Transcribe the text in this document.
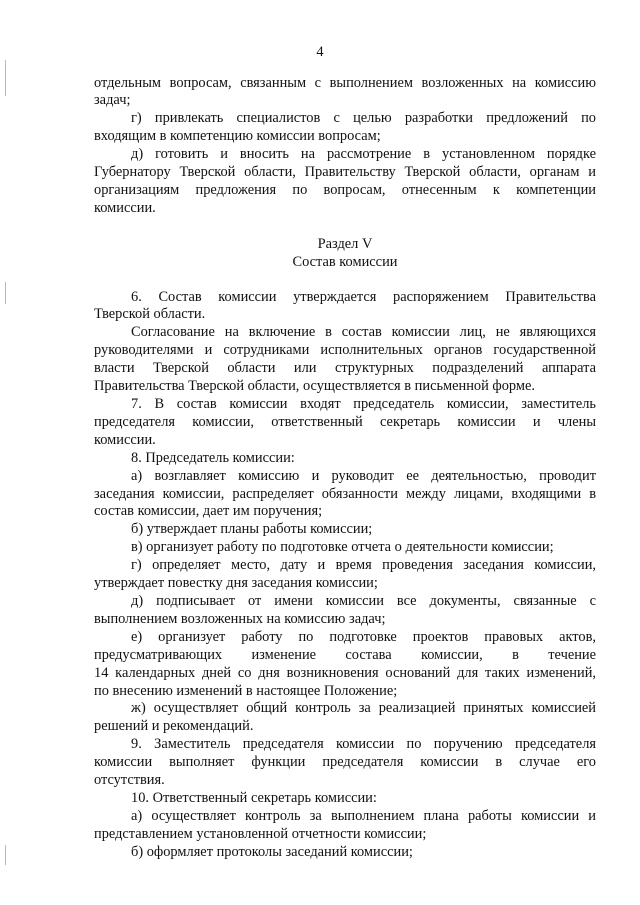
4

отдельным вопросам, связанным с выполнением возложенных на комиссию

задач;

г) привлекать специалистов с целью разработки предложений по

входящим в компетенцию комиссии вопросам;

д) готовить и вносить на рассмотрение в установленном порядке

Губернатору Тверской области, Правительству Тверской области, органам и

организациям предложения по вопросам, отнесенным к компетенции

комиссии.

Раздел V

Состав комиссии

6. Состав комиссии утверждается распоряжением Правительства

Тверской области.

Согласование на включение в состав комиссии лиц, не являющихся

руководителями и сотрудниками исполнительных органов государственной

власти Тверской области или структурных подразделений аппарата

Правительства Тверской области, осуществляется в письменной форме.

7. В состав комиссии входят председатель комиссии, заместитель

председателя комиссии, ответственный секретарь комиссии и члены

комиссии.

8. Председатель комиссии:

а) возглавляет комиссию и руководит ее деятельностью, проводит

заседания комиссии, распределяет обязанности между лицами, входящими в

состав комиссии, дает им поручения;

б) утверждает планы работы комиссии;

в) организует работу по подготовке отчета о деятельности комиссии;

г) определяет место, дату и время проведения заседания комиссии,

утверждает повестку дня заседания комиссии;

д) подписывает от имени комиссии все документы, связанные с

выполнением возложенных на комиссию задач;

е) организует работу по подготовке проектов правовых актов,

предусматривающих изменение состава комиссии, в течение

14 календарных дней со дня возникновения оснований для таких изменений,

по внесению изменений в настоящее Положение;

ж) осуществляет общий контроль за реализацией принятых комиссией

решений и рекомендаций.

9. Заместитель председателя комиссии по поручению председателя

комиссии выполняет функции председателя комиссии в случае его

отсутствия.

10. Ответственный секретарь комиссии:

а) осуществляет контроль за выполнением плана работы комиссии и

представлением установленной отчетности комиссии;

б) оформляет протоколы заседаний комиссии;
